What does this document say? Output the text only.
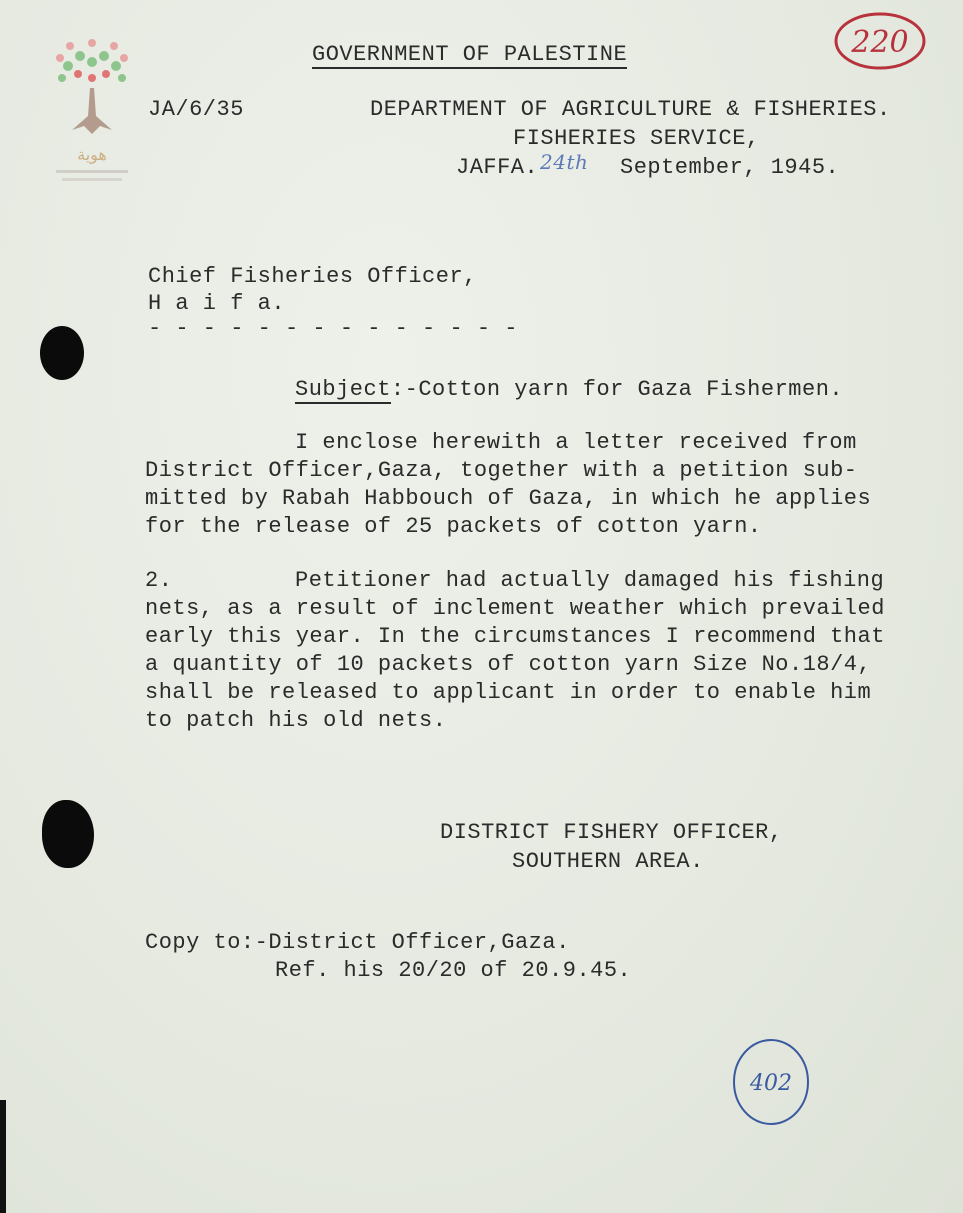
هوية
220
GOVERNMENT OF PALESTINE
JA/6/35	DEPARTMENT OF AGRICULTURE & FISHERIES.
FISHERIES SERVICE,
JAFFA. 24th September, 1945.
Chief Fisheries Officer,
H a i f a.
- - - - - - - - - - - - - -
Subject:-Cotton yarn for Gaza Fishermen.
I enclose herewith a letter received from
District Officer,Gaza, together with a petition sub-
mitted by Rabah Habbouch of Gaza, in which he applies
for the release of 25 packets of cotton yarn.
2.	Petitioner had actually damaged his fishing
nets, as a result of inclement weather which prevailed
early this year. In the circumstances I recommend that
a quantity of 10 packets of cotton yarn Size No.18/4,
shall be released to applicant in order to enable him
to patch his old nets.
DISTRICT FISHERY OFFICER,
SOUTHERN AREA.
Copy to:-District Officer,Gaza.
Ref. his 20/20 of 20.9.45.
402
